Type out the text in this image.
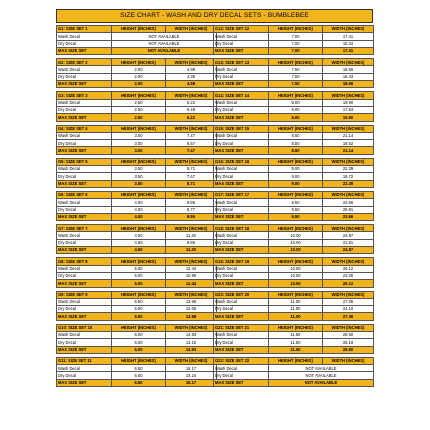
SIZE CHART - WASH AND DRY DECAL SETS - BUMBLEBEE
G1: SIZE SET 1	HEIGHT (INCHES)	WIDTH (INCHES)
Wash Decal	NOT AVAILABLE	
Dry Decal	NOT AVAILABLE	
MAX SIZE SET	NOT AVAILABLE	
G2: SIZE SET 2	HEIGHT (INCHES)	WIDTH (INCHES)
Wash Decal	2.00	4.98
Dry Decal	2.00	4.38
MAX SIZE SET	2.00	4.98
G3: SIZE SET 3	HEIGHT (INCHES)	WIDTH (INCHES)
Wash Decal	2.50	6.22
Dry Decal	2.50	5.48
MAX SIZE SET	2.50	6.22
G4: SIZE SET 4	HEIGHT (INCHES)	WIDTH (INCHES)
Wash Decal	3.00	7.47
Dry Decal	3.00	6.57
MAX SIZE SET	3.00	7.47
G5: SIZE SET 5	HEIGHT (INCHES)	WIDTH (INCHES)
Wash Decal	3.50	8.71
Dry Decal	3.50	7.67
MAX SIZE SET	3.50	8.71
G6: SIZE SET 6	HEIGHT (INCHES)	WIDTH (INCHES)
Wash Decal	4.00	9.95
Dry Decal	4.00	8.77
MAX SIZE SET	4.00	9.95
G7: SIZE SET 7	HEIGHT (INCHES)	WIDTH (INCHES)
Wash Decal	4.50	11.20
Dry Decal	4.50	9.86
MAX SIZE SET	4.50	11.20
G8: SIZE SET 8	HEIGHT (INCHES)	WIDTH (INCHES)
Wash Decal	5.00	12.44
Dry Decal	5.00	10.96
MAX SIZE SET	5.00	12.44
G9: SIZE SET 9	HEIGHT (INCHES)	WIDTH (INCHES)
Wash Decal	5.50	13.68
Dry Decal	5.50	12.05
MAX SIZE SET	5.50	13.68
G10: SIZE SET 10	HEIGHT (INCHES)	WIDTH (INCHES)
Wash Decal	6.00	14.93
Dry Decal	6.00	13.15
MAX SIZE SET	6.00	14.93
G11: SIZE SET 11	HEIGHT (INCHES)	WIDTH (INCHES)
Wash Decal	6.50	16.17
Dry Decal	6.50	14.24
MAX SIZE SET	6.50	16.17
G12: SIZE SET 12	HEIGHT (INCHES)	WIDTH (INCHES)
Wash Decal	7.00	17.41
Dry Decal	7.00	15.34
MAX SIZE SET	7.00	17.41
G13: SIZE SET 13	HEIGHT (INCHES)	WIDTH (INCHES)
Wash Decal	7.50	18.66
Dry Decal	7.50	16.43
MAX SIZE SET	7.50	18.66
G14: SIZE SET 14	HEIGHT (INCHES)	WIDTH (INCHES)
Wash Decal	8.00	19.90
Dry Decal	8.00	17.53
MAX SIZE SET	8.00	19.90
G15: SIZE SET 15	HEIGHT (INCHES)	WIDTH (INCHES)
Wash Decal	8.50	21.14
Dry Decal	8.50	18.62
MAX SIZE SET	8.50	21.14
G16: SIZE SET 16	HEIGHT (INCHES)	WIDTH (INCHES)
Wash Decal	9.00	22.39
Dry Decal	9.00	19.72
MAX SIZE SET	9.00	22.39
G17: SIZE SET 17	HEIGHT (INCHES)	WIDTH (INCHES)
Wash Decal	9.50	23.66
Dry Decal	9.50	20.81
MAX SIZE SET	9.50	23.66
G18: SIZE SET 18	HEIGHT (INCHES)	WIDTH (INCHES)
Wash Decal	10.00	24.87
Dry Decal	10.00	21.91
MAX SIZE SET	10.00	24.87
G19: SIZE SET 19	HEIGHT (INCHES)	WIDTH (INCHES)
Wash Decal	10.50	26.12
Dry Decal	10.50	23.00
MAX SIZE SET	10.50	26.12
G20: SIZE SET 20	HEIGHT (INCHES)	WIDTH (INCHES)
Wash Decal	11.00	27.36
Dry Decal	11.00	24.10
MAX SIZE SET	11.00	27.36
G21: SIZE SET 21	HEIGHT (INCHES)	WIDTH (INCHES)
Wash Decal	11.50	28.60
Dry Decal	11.50	25.19
MAX SIZE SET	11.50	28.60
G22: SIZE SET 22	HEIGHT (INCHES)	WIDTH (INCHES)
Wash Decal	NOT AVAILABLE	
Dry Decal	NOT AVAILABLE	
MAX SIZE SET	NOT AVAILABLE	
